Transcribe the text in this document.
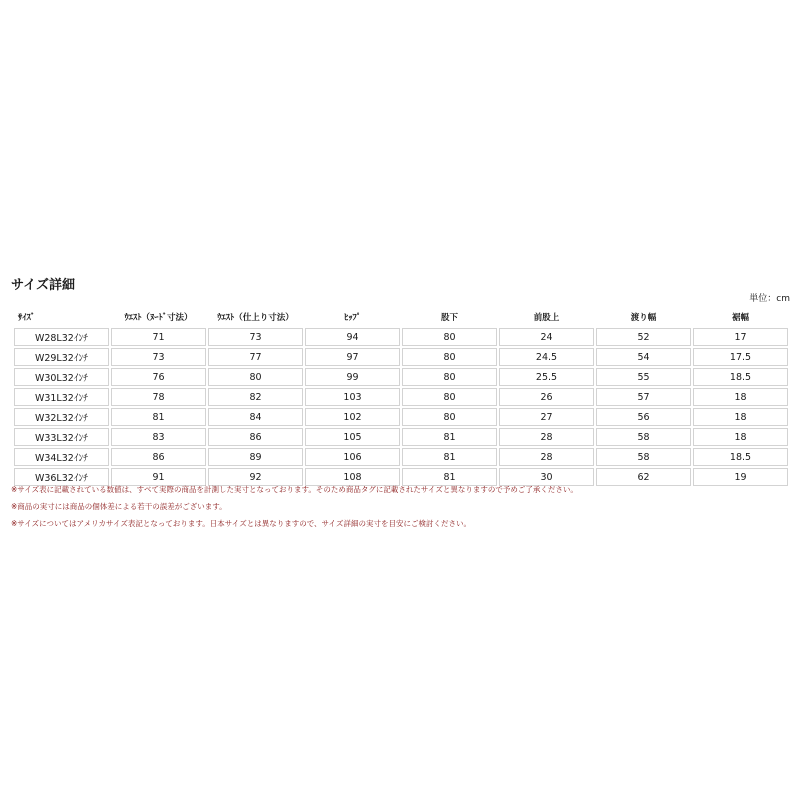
サイズ詳細
単位：cm
ｻｲｽﾞ	ｳｴｽﾄ（ﾇｰﾄﾞ寸法）	ｳｴｽﾄ（仕上り寸法）	ﾋｯﾌﾟ	股下	前股上	渡り幅	裾幅
W28L32ｲﾝﾁ	71	73	94	80	24	52	17
W29L32ｲﾝﾁ	73	77	97	80	24.5	54	17.5
W30L32ｲﾝﾁ	76	80	99	80	25.5	55	18.5
W31L32ｲﾝﾁ	78	82	103	80	26	57	18
W32L32ｲﾝﾁ	81	84	102	80	27	56	18
W33L32ｲﾝﾁ	83	86	105	81	28	58	18
W34L32ｲﾝﾁ	86	89	106	81	28	58	18.5
W36L32ｲﾝﾁ	91	92	108	81	30	62	19

※サイズ表に記載されている数値は、すべて実際の商品を計測した実寸となっております。そのため商品タグに記載されたサイズと異なりますので予めご了承ください。

※商品の実寸には商品の個体差による若干の誤差がございます。

※サイズについてはアメリカサイズ表記となっております。日本サイズとは異なりますので、サイズ詳細の実寸を目安にご検討ください。
